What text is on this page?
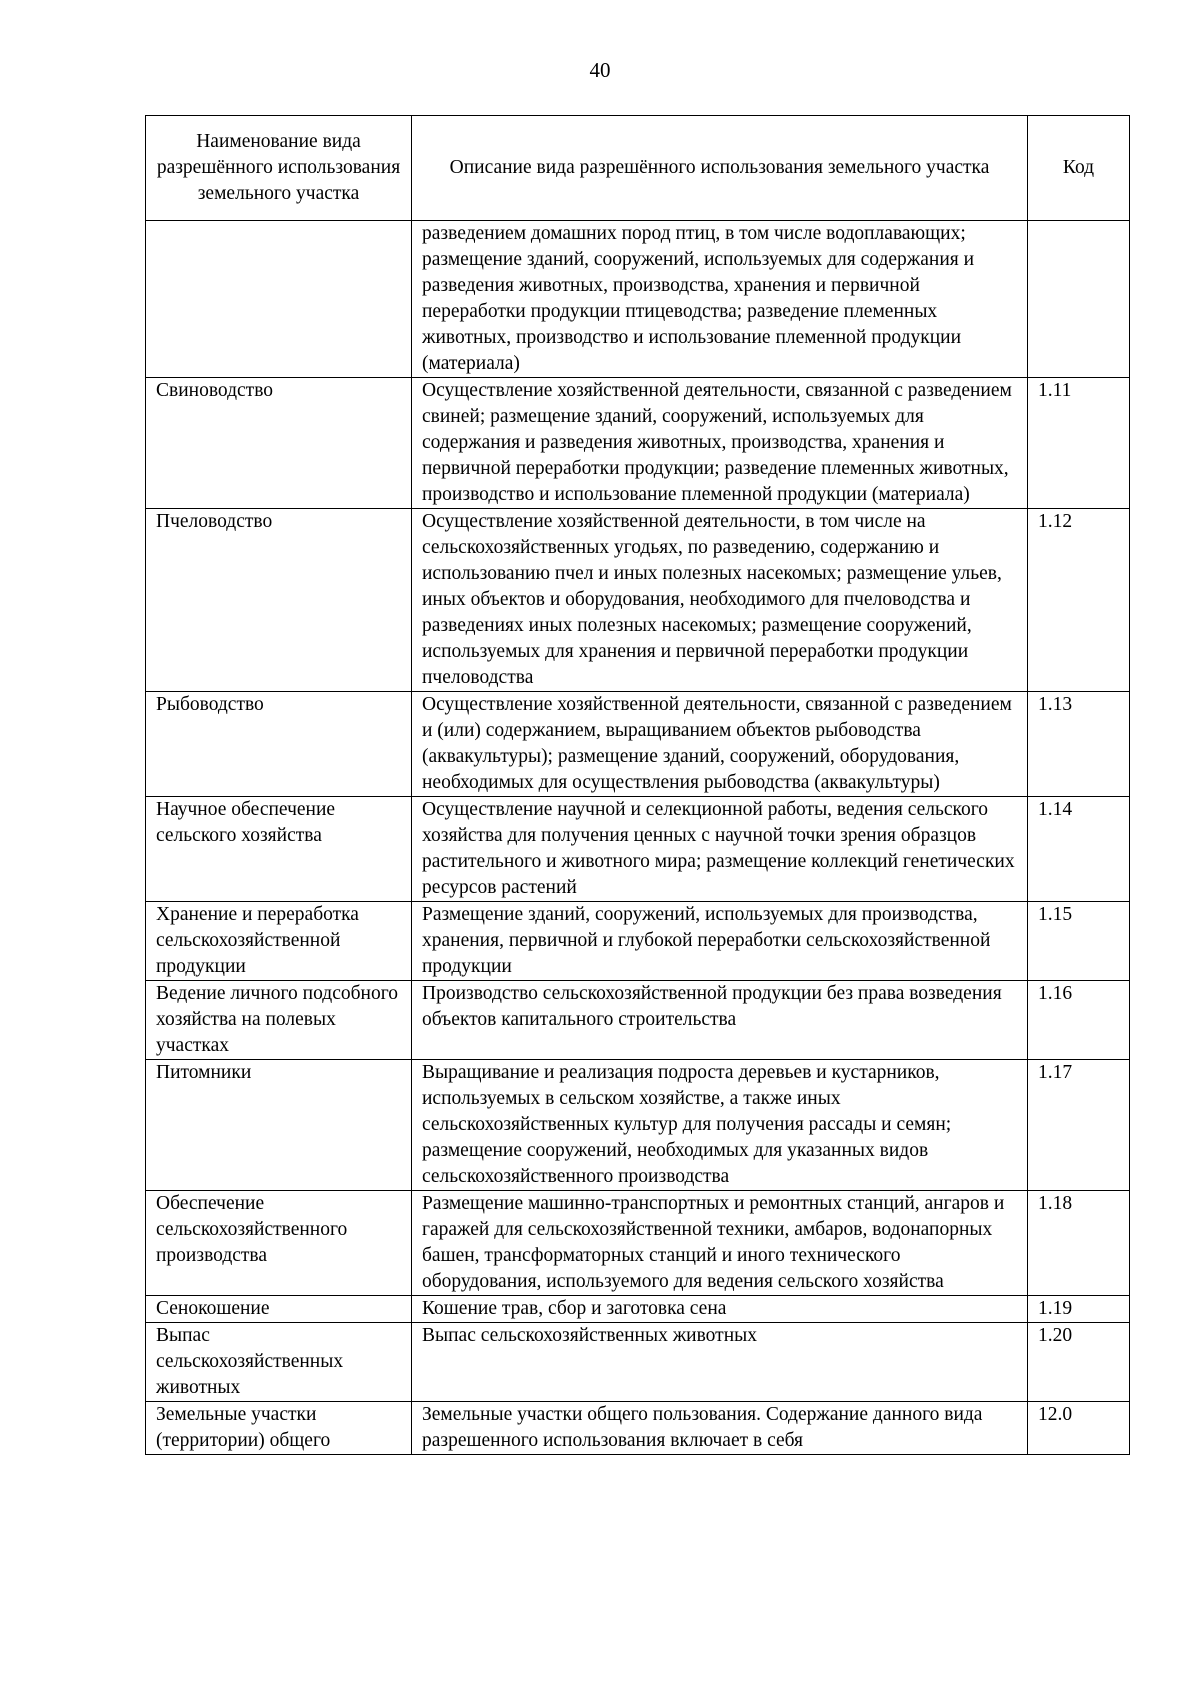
40
Наименование вида разрешённого использования земельного участка	Описание вида разрешённого использования земельного участка	Код
	разведением домашних пород птиц, в том числе водоплавающих; размещение зданий, сооружений, используемых для содержания и разведения животных, производства, хранения и первичной переработки продукции птицеводства; разведение племенных животных, производство и использование племенной продукции (материала)	
Свиноводство	Осуществление хозяйственной деятельности, связанной с разведением свиней; размещение зданий, сооружений, используемых для содержания и разведения животных, производства, хранения и первичной переработки продукции; разведение племенных животных, производство и использование племенной продукции (материала)	1.11
Пчеловодство	Осуществление хозяйственной деятельности, в том числе на сельскохозяйственных угодьях, по разведению, содержанию и использованию пчел и иных полезных насекомых; размещение ульев, иных объектов и оборудования, необходимого для пчеловодства и разведениях иных полезных насекомых; размещение сооружений, используемых для хранения и первичной переработки продукции пчеловодства	1.12
Рыбоводство	Осуществление хозяйственной деятельности, связанной с разведением и (или) содержанием, выращиванием объектов рыбоводства (аквакультуры); размещение зданий, сооружений, оборудования, необходимых для осуществления рыбоводства (аквакультуры)	1.13
Научное обеспечение сельского хозяйства	Осуществление научной и селекционной работы, ведения сельского хозяйства для получения ценных с научной точки зрения образцов растительного и животного мира; размещение коллекций генетических ресурсов растений	1.14
Хранение и переработка сельскохозяйственной продукции	Размещение зданий, сооружений, используемых для производства, хранения, первичной и глубокой переработки сельскохозяйственной продукции	1.15
Ведение личного подсобного хозяйства на полевых участках	Производство сельскохозяйственной продукции без права возведения объектов капитального строительства	1.16
Питомники	Выращивание и реализация подроста деревьев и кустарников, используемых в сельском хозяйстве, а также иных сельскохозяйственных культур для получения рассады и семян; размещение сооружений, необходимых для указанных видов сельскохозяйственного производства	1.17
Обеспечение сельскохозяйственного производства	Размещение машинно-транспортных и ремонтных станций, ангаров и гаражей для сельскохозяйственной техники, амбаров, водонапорных башен, трансформаторных станций и иного технического оборудования, используемого для ведения сельского хозяйства	1.18
Сенокошение	Кошение трав, сбор и заготовка сена	1.19
Выпас сельскохозяйственных животных	Выпас сельскохозяйственных животных	1.20
Земельные участки (территории) общего	Земельные участки общего пользования. Содержание данного вида разрешенного использования включает в себя	12.0
